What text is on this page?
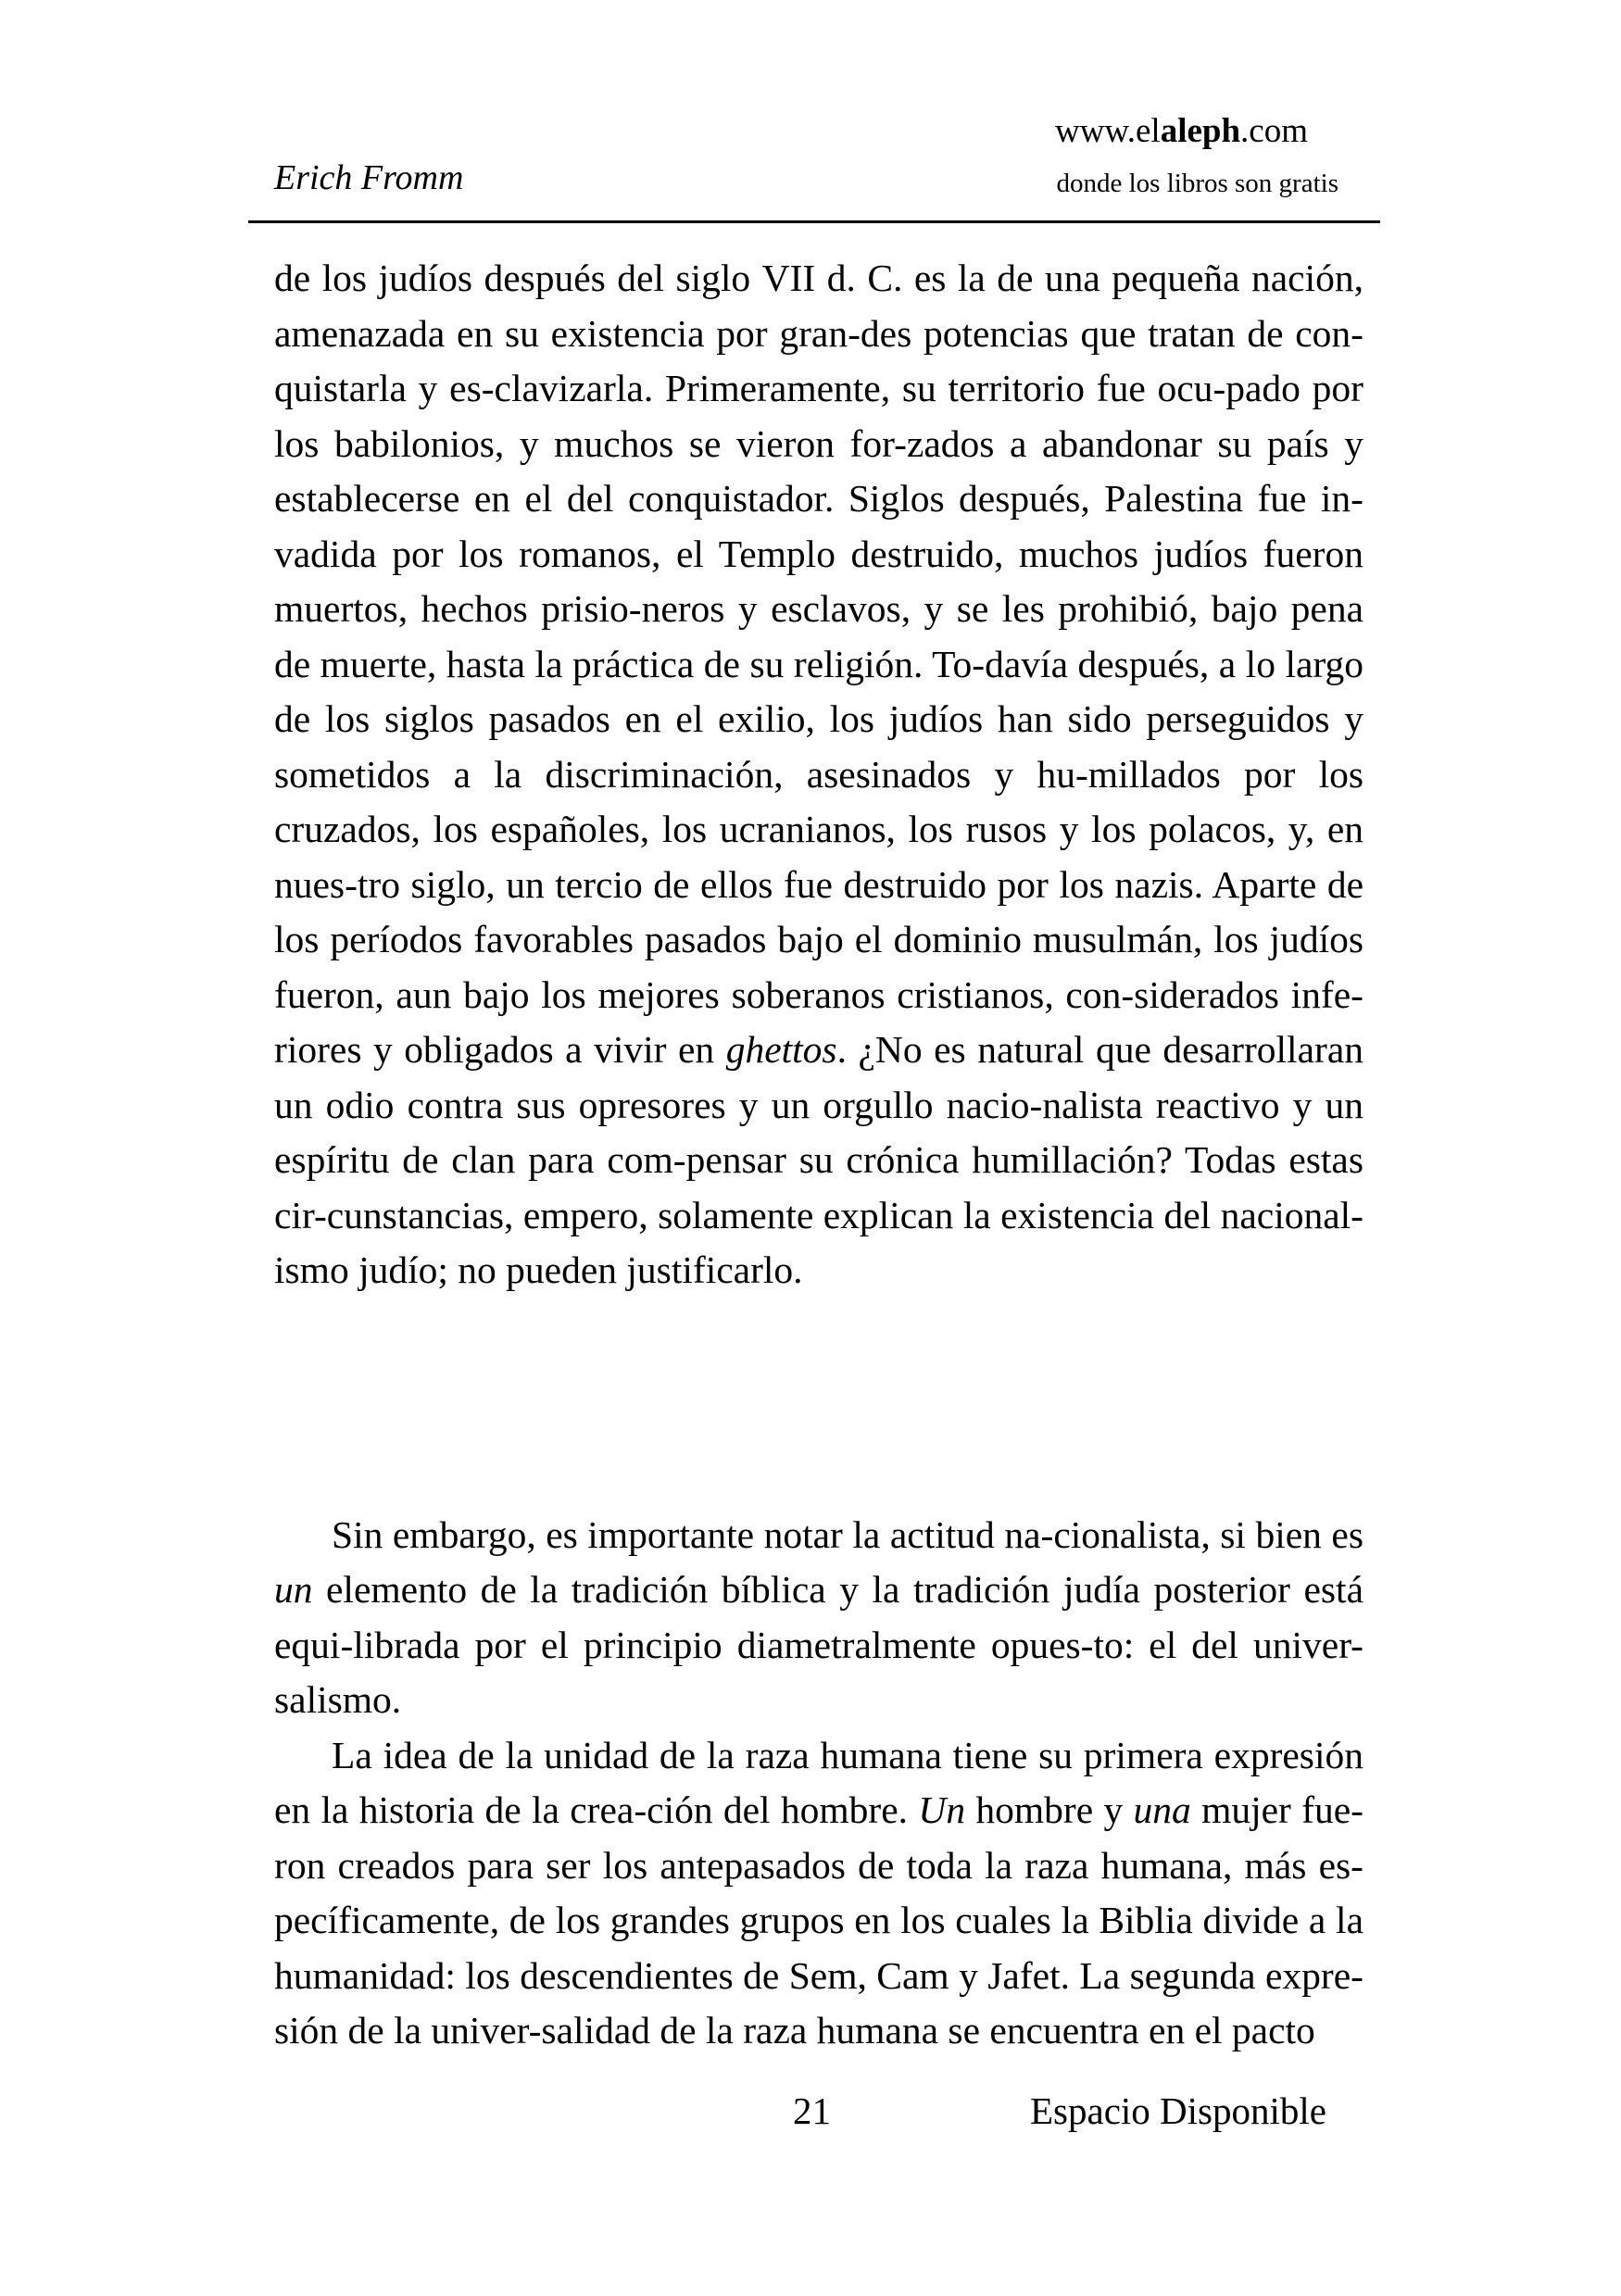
Erich Fromm
www.elaleph.com
donde los libros son gratis

de los judíos después del siglo VII d. C. es la de una pequeña nación, amenazada en su existencia por gran-des potencias que tratan de con-quistarla y es-clavizarla. Primeramente, su territorio fue ocu-pado por los babilonios, y muchos se vieron for-zados a abandonar su país y establecerse en el del conquistador. Siglos después, Palestina fue in-vadida por los romanos, el Templo destruido, muchos judíos fueron muertos, hechos prisio-neros y esclavos, y se les prohibió, bajo pena de muerte, hasta la práctica de su religión. To-davía después, a lo largo de los siglos pasados en el exilio, los judíos han sido perseguidos y sometidos a la discriminación, asesinados y hu-millados por los cruzados, los españoles, los ucranianos, los rusos y los polacos, y, en nues-tro siglo, un tercio de ellos fue destruido por los nazis. Aparte de los períodos favorables pasados bajo el dominio musulmán, los judíos fueron, aun bajo los mejores soberanos cristianos, con-siderados infe-riores y obligados a vivir en ghettos. ¿No es natural que desarrollaran un odio contra sus opresores y un orgullo nacio-nalista reactivo y un espíritu de clan para com-pensar su crónica humillación? Todas estas cir-cunstancias, empero, solamente explican la existencia del nacional-ismo judío; no pueden justificarlo.

Sin embargo, es importante notar la actitud na-cionalista, si bien es un elemento de la tradición bíblica y la tradición judía posterior está equi-librada por el principio diametralmente opues-to: el del univer-salismo.

La idea de la unidad de la raza humana tiene su primera expresión en la historia de la crea-ción del hombre. Un hombre y una mujer fue-ron creados para ser los antepasados de toda la raza humana, más es-pecíficamente, de los grandes grupos en los cuales la Biblia divide a la humanidad: los descendientes de Sem, Cam y Jafet. La segunda expre-sión de la univer-salidad de la raza humana se encuentra en el pacto

21	Espacio Disponible
